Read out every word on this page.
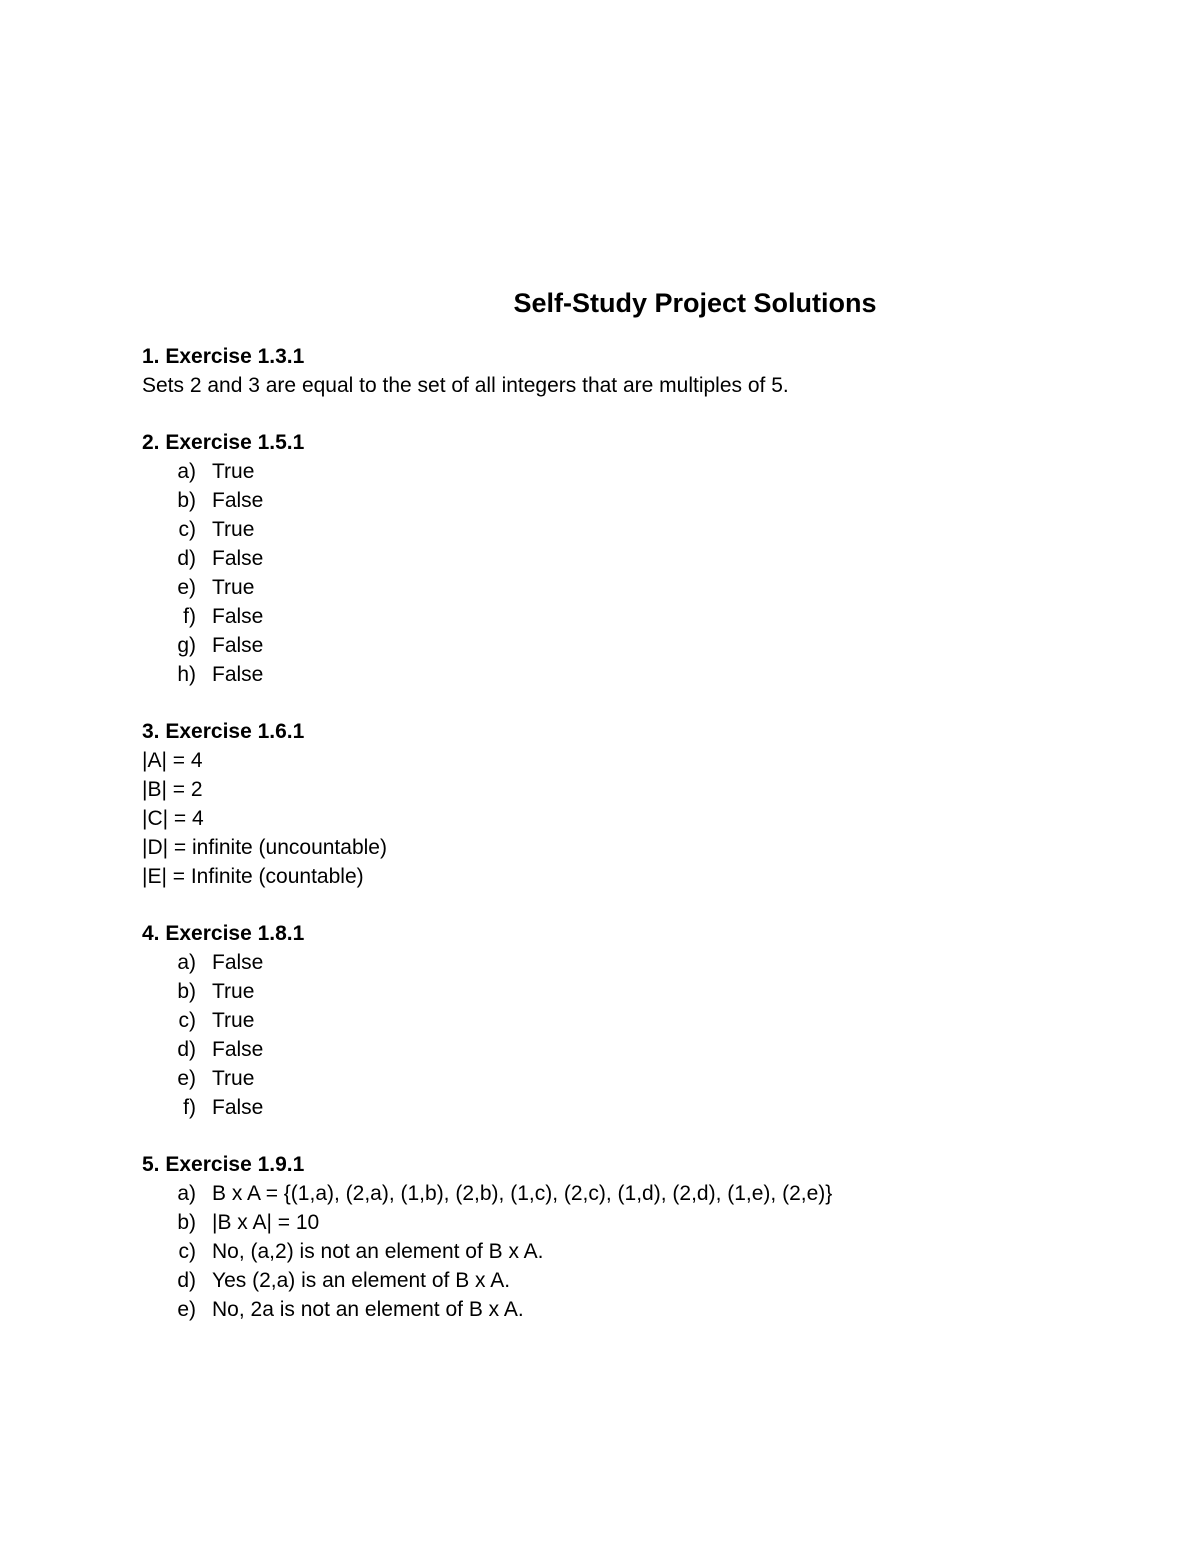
Self-Study Project Solutions
1. Exercise 1.3.1
Sets 2 and 3 are equal to the set of all integers that are multiples of 5.
2. Exercise 1.5.1
a) True
b) False
c) True
d) False
e) True
f) False
g) False
h) False
3. Exercise 1.6.1
|A| = 4
|B| = 2
|C| = 4
|D| = infinite (uncountable)
|E| = Infinite (countable)
4. Exercise 1.8.1
a) False
b) True
c) True
d) False
e) True
f) False
5. Exercise 1.9.1
a) B x A = {(1,a), (2,a), (1,b), (2,b), (1,c), (2,c), (1,d), (2,d), (1,e), (2,e)}
b) |B x A| = 10
c) No, (a,2) is not an element of B x A.
d) Yes (2,a) is an element of B x A.
e) No, 2a is not an element of B x A.
